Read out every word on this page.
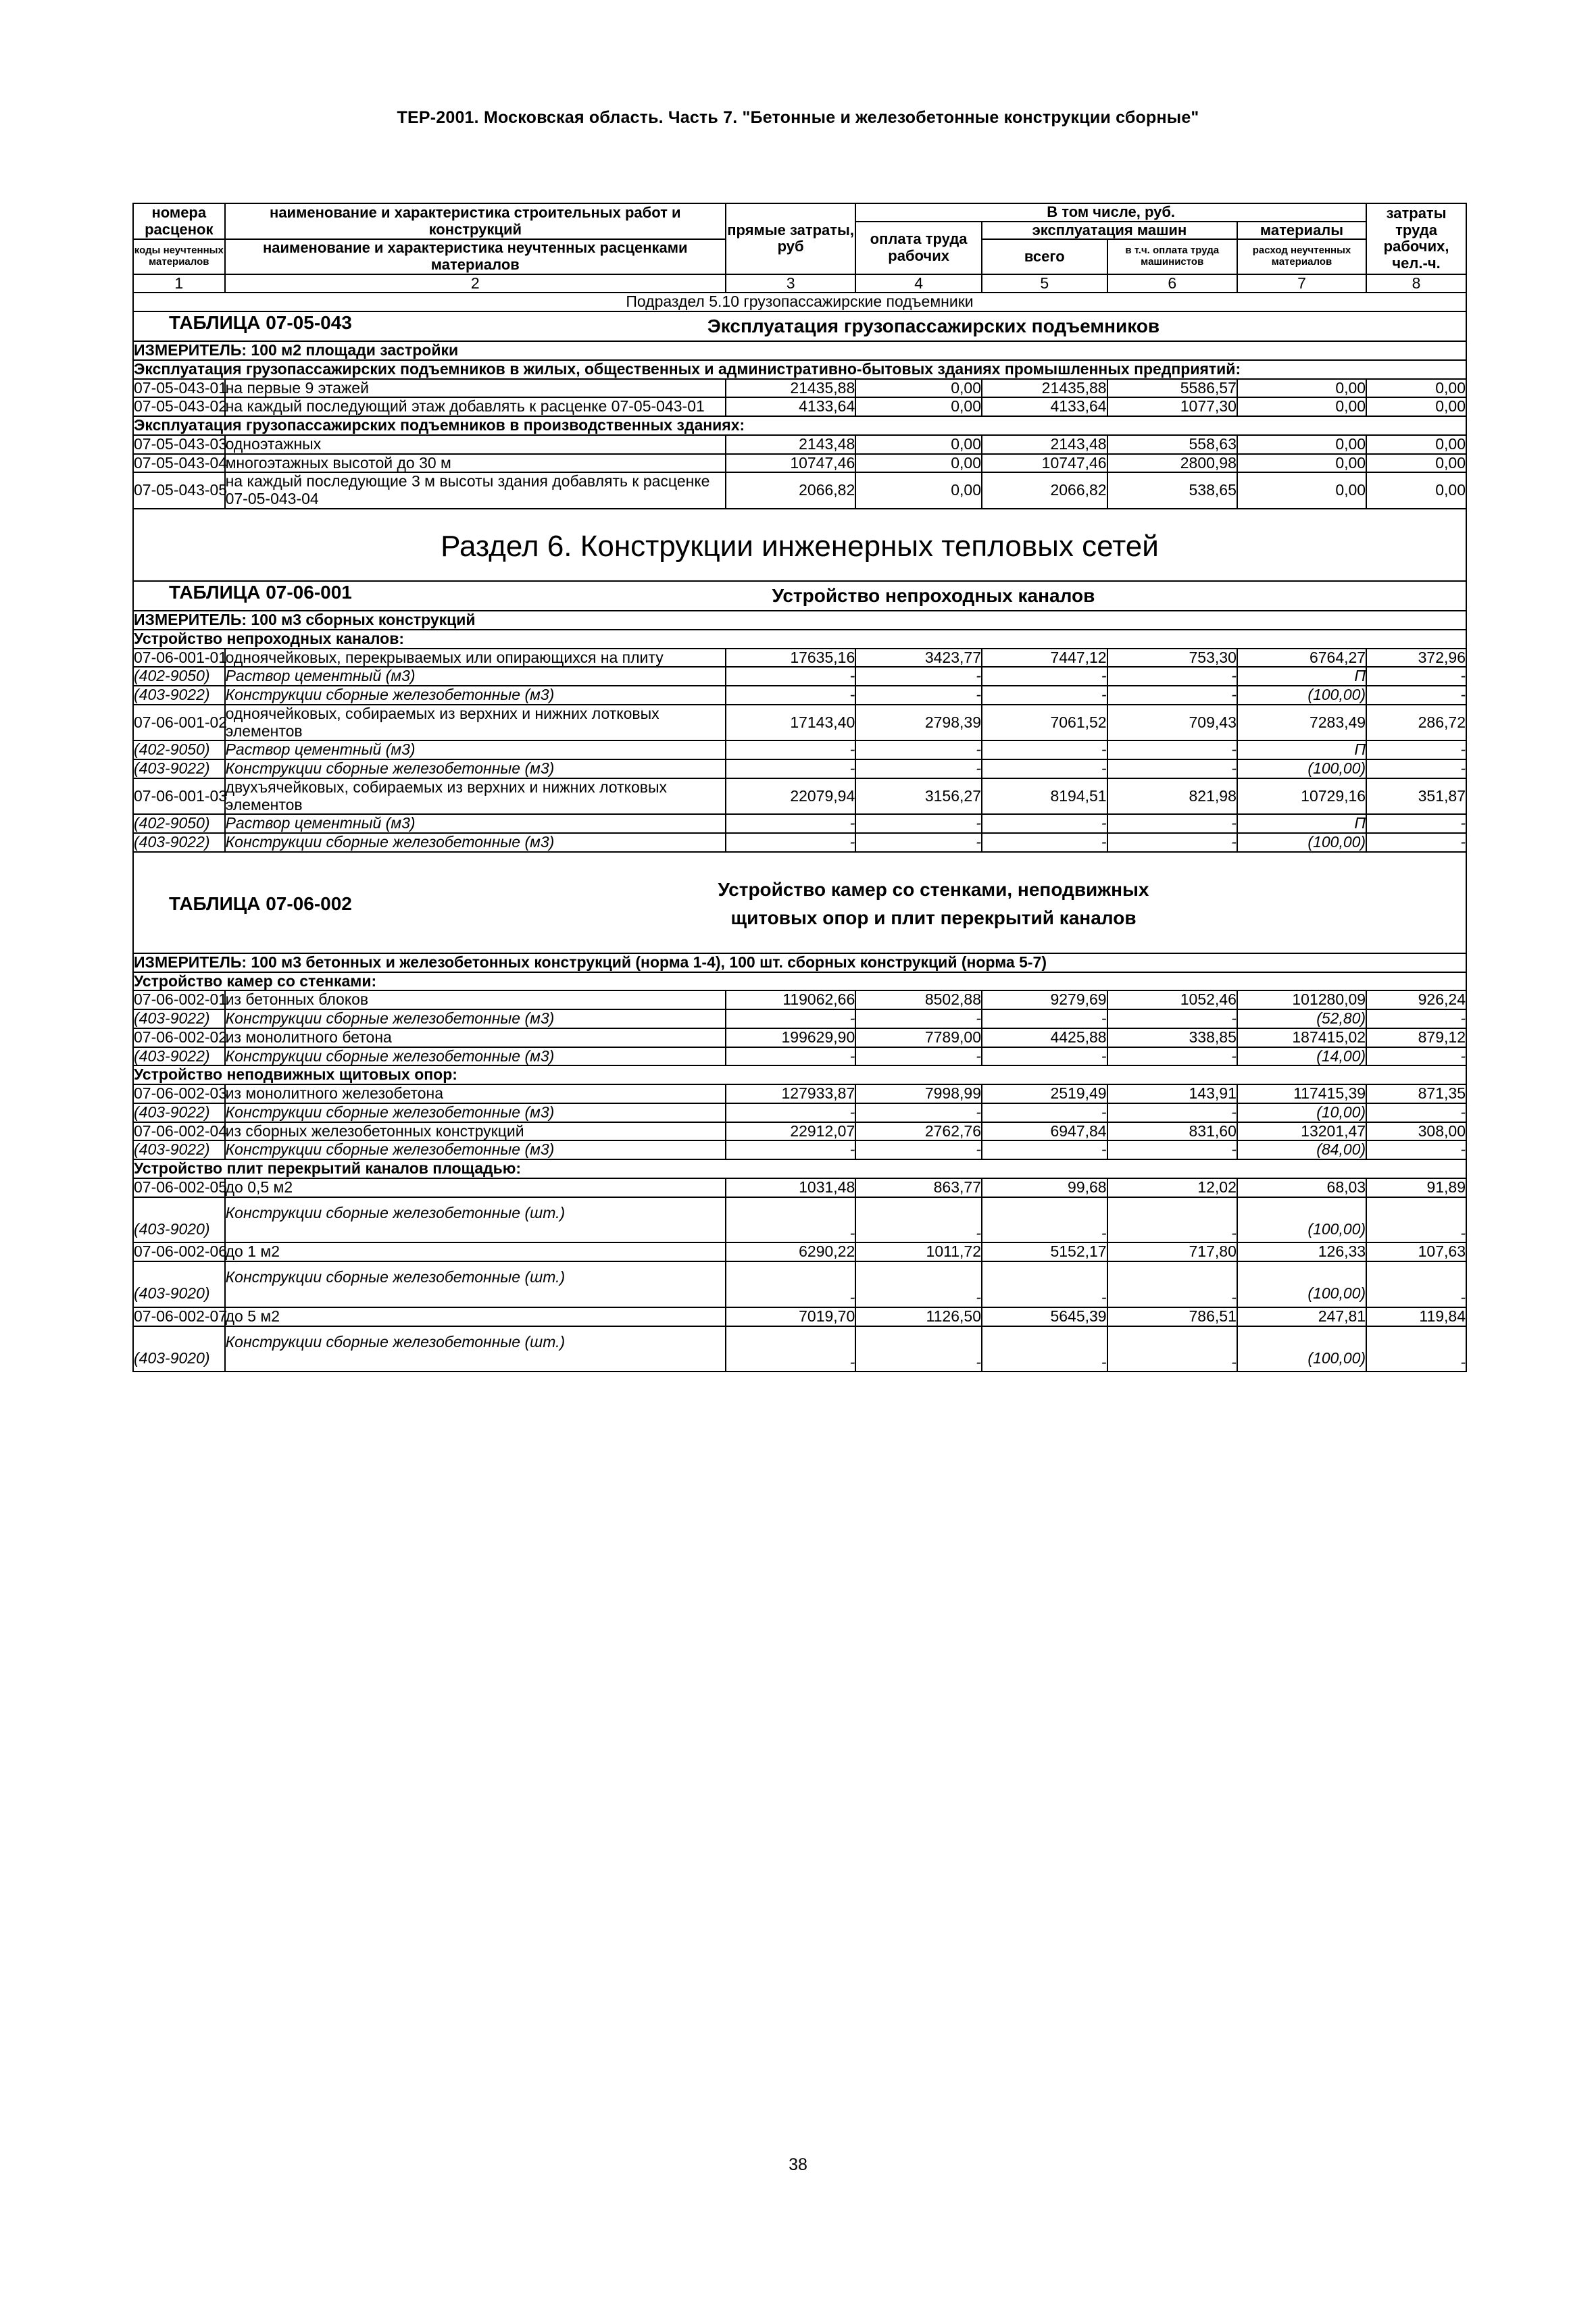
ТЕР-2001. Московская область. Часть 7. "Бетонные и железобетонные конструкции сборные"
номера расценок	наименование и характеристика строительных работ и конструкций	прямые затраты, руб	В том числе, руб.				затраты труда рабочих, чел.-ч.
			оплата труда рабочих	эксплуатация машин		материалы	
коды неучтенных материалов	наименование и характеристика неучтенных расценками материалов			всего	в т.ч. оплата труда машинистов		
						расход неучтенных материалов	
1	2	3	4	5	6	7	8
Подраздел 5.10 грузопассажирские подъемники							

ТАБЛИЦА 07-05-043 Эксплуатация грузопассажирских подъемников							

ИЗМЕРИТЕЛЬ: 100 м2 площади застройки							
Эксплуатация грузопассажирских подъемников в жилых, общественных и административно-бытовых зданиях промышленных предприятий:							
07-05-043-01	на первые 9 этажей	21435,88	0,00	21435,88	5586,57	0,00	0,00
07-05-043-02	на каждый последующий этаж добавлять к расценке 07-05-043-01	4133,64	0,00	4133,64	1077,30	0,00	0,00
Эксплуатация грузопассажирских подъемников в производственных зданиях:							
07-05-043-03	одноэтажных	2143,48	0,00	2143,48	558,63	0,00	0,00
07-05-043-04	многоэтажных высотой до 30 м	10747,46	0,00	10747,46	2800,98	0,00	0,00
07-05-043-05	на каждый последующие 3 м высоты здания добавлять к расценке 07-05-043-04	2066,82	0,00	2066,82	538,65	0,00	0,00
Раздел 6. Конструкции инженерных тепловых сетей							

ТАБЛИЦА 07-06-001 Устройство непроходных каналов							

ИЗМЕРИТЕЛЬ: 100 м3 сборных конструкций							
Устройство непроходных каналов:							
07-06-001-01	одноячейковых, перекрываемых или опирающихся на плиту	17635,16	3423,77	7447,12	753,30	6764,27	372,96
(402-9050)	Раствор цементный (м3)	-	-	-	-	П	-
(403-9022)	Конструкции сборные железобетонные (м3)	-	-	-	-	(100,00)	-
07-06-001-02	одноячейковых, собираемых из верхних и нижних лотковых элементов	17143,40	2798,39	7061,52	709,43	7283,49	286,72
(402-9050)	Раствор цементный (м3)	-	-	-	-	П	-
(403-9022)	Конструкции сборные железобетонные (м3)	-	-	-	-	(100,00)	-
07-06-001-03	двухъячейковых, собираемых из верхних и нижних лотковых элементов	22079,94	3156,27	8194,51	821,98	10729,16	351,87
(402-9050)	Раствор цементный (м3)	-	-	-	-	П	-
(403-9022)	Конструкции сборные железобетонные (м3)	-	-	-	-	(100,00)	-

ТАБЛИЦА 07-06-002
Устройство камер со стенками, неподвижных
щитовых опор и плит перекрытий каналов							

ИЗМЕРИТЕЛЬ: 100 м3 бетонных и железобетонных конструкций (норма 1-4), 100 шт. сборных конструкций (норма 5-7)							
Устройство камер со стенками:							
07-06-002-01	из бетонных блоков	119062,66	8502,88	9279,69	1052,46	101280,09	926,24
(403-9022)	Конструкции сборные железобетонные (м3)	-	-	-	-	(52,80)	-
07-06-002-02	из монолитного бетона	199629,90	7789,00	4425,88	338,85	187415,02	879,12
(403-9022)	Конструкции сборные железобетонные (м3)	-	-	-	-	(14,00)	-
Устройство неподвижных щитовых опор:							
07-06-002-03	из монолитного железобетона	127933,87	7998,99	2519,49	143,91	117415,39	871,35
(403-9022)	Конструкции сборные железобетонные (м3)	-	-	-	-	(10,00)	-
07-06-002-04	из сборных железобетонных конструкций	22912,07	2762,76	6947,84	831,60	13201,47	308,00
(403-9022)	Конструкции сборные железобетонные (м3)	-	-	-	-	(84,00)	-
Устройство плит перекрытий каналов площадью:							
07-06-002-05	до 0,5 м2	1031,48	863,77	99,68	12,02	68,03	91,89
(403-9020)	Конструкции сборные железобетонные (шт.)	-	-	-	-	(100,00)	-
07-06-002-06	до 1 м2	6290,22	1011,72	5152,17	717,80	126,33	107,63
(403-9020)	Конструкции сборные железобетонные (шт.)	-	-	-	-	(100,00)	-
07-06-002-07	до 5 м2	7019,70	1126,50	5645,39	786,51	247,81	119,84
(403-9020)	Конструкции сборные железобетонные (шт.)	-	-	-	-	(100,00)	-
38
